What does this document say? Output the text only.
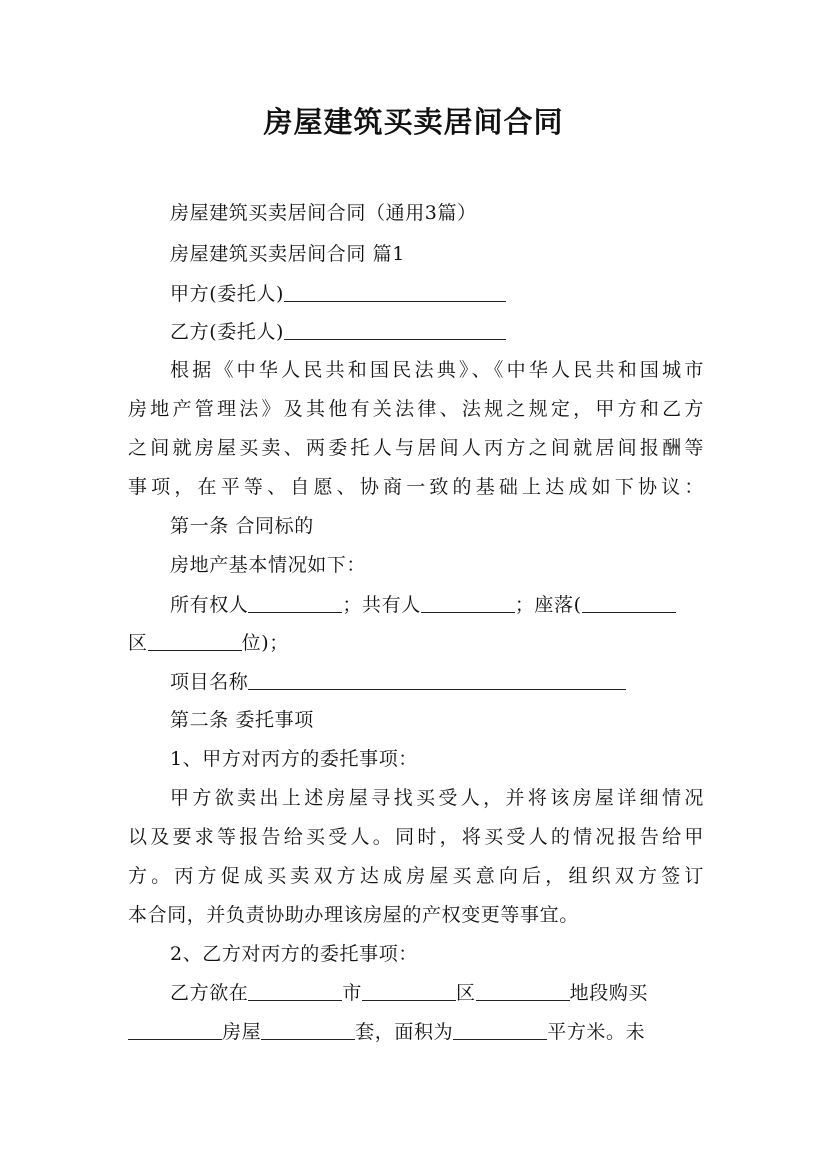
房屋建筑买卖居间合同
房屋建筑买卖居间合同（通用3篇）
房屋建筑买卖居间合同 篇1
甲方(委托人)
乙方(委托人)
根据《中华人民共和国民法典》、《中华人民共和国城市
房地产管理法》及其他有关法律、法规之规定，甲方和乙方
之间就房屋买卖、两委托人与居间人丙方之间就居间报酬等
事项，在平等、自愿、协商一致的基础上达成如下协议：
第一条 合同标的
房地产基本情况如下：
所有权人	；共有人	；座落(
区	位)；
项目名称
第二条 委托事项
1、甲方对丙方的委托事项：
甲方欲卖出上述房屋寻找买受人，并将该房屋详细情况
以及要求等报告给买受人。同时，将买受人的情况报告给甲
方。丙方促成买卖双方达成房屋买意向后，组织双方签订
本合同，并负责协助办理该房屋的产权变更等事宜。
2、乙方对丙方的委托事项：
乙方欲在	市	区	地段购买
房屋	套，面积为	平方米。未
